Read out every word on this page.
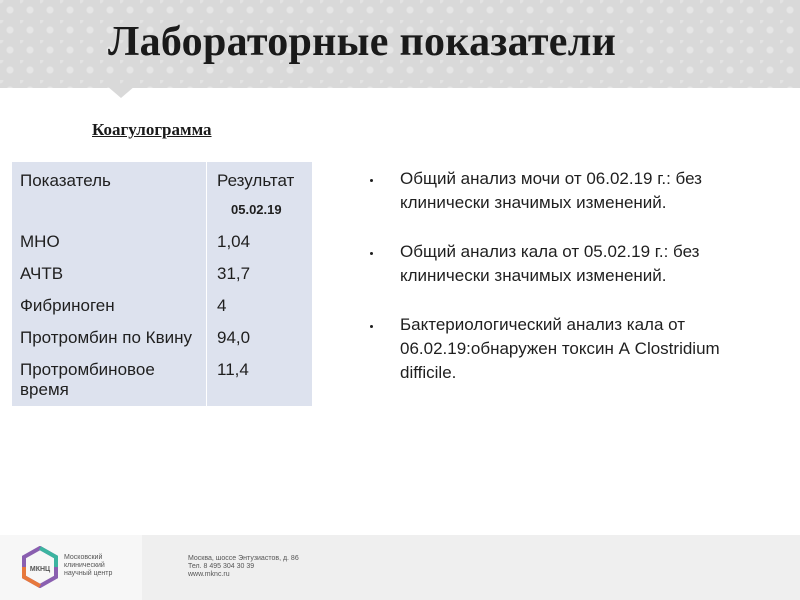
Лабораторные показатели
Коагулограмма
Показатель	Результат
05.02.19

МНО	1,04
АЧТВ	31,7
Фибриноген	4
Протромбин по Квину	94,0
Протромбиновое время	11,4
Общий анализ мочи от 06.02.19 г.: без клинически значимых изменений.
Общий анализ кала от 05.02.19 г.: без клинически значимых изменений.
Бактериологический анализ кала от 06.02.19:обнаружен токсин А Clostridium difficile.
МКНЦ
Московский
клинический
научный центр
Москва, шоссе Энтузиастов, д. 86
Тел. 8 495 304 30 39
www.mknc.ru
